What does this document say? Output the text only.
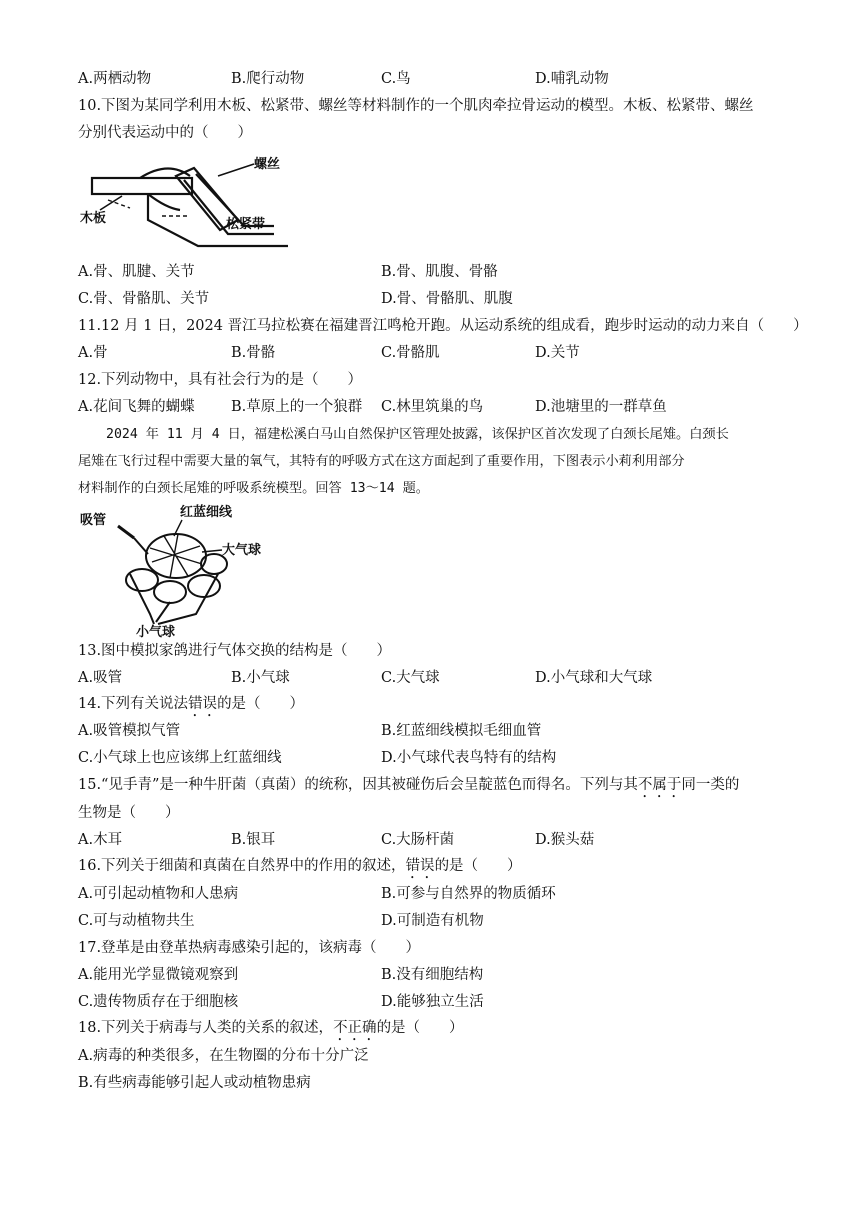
A.两栖动物	B.爬行动物	C.鸟	D.哺乳动物
10.下图为某同学利用木板、松紧带、螺丝等材料制作的一个肌肉牵拉骨运动的模型。木板、松紧带、螺丝
分别代表运动中的（　　）
螺丝
木板	松紧带
A.骨、肌腱、关节	B.骨、肌腹、骨骼
C.骨、骨骼肌、关节	D.骨、骨骼肌、肌腹
11.12 月 1 日，2024 晋江马拉松赛在福建晋江鸣枪开跑。从运动系统的组成看，跑步时运动的动力来自（　　）
A.骨	B.骨骼	C.骨骼肌	D.关节
12.下列动物中，具有社会行为的是（　　）
A.花间飞舞的蝴蝶	B.草原上的一个狼群 C.林里筑巢的鸟	D.池塘里的一群草鱼
2024 年 11 月 4 日，福建松溪白马山自然保护区管理处披露，该保护区首次发现了白颈长尾雉。白颈长
尾雉在飞行过程中需要大量的氧气，其特有的呼吸方式在这方面起到了重要作用，下图表示小莉利用部分
材料制作的白颈长尾雉的呼吸系统模型。回答 13～14 题。
吸管
红蓝细线
大气球
小气球
13.图中模拟家鸽进行气体交换的结构是（　　）
A.吸管	B.小气球	C.大气球	D.小气球和大气球
14.下列有关说法错误的是（　　）
A.吸管模拟气管	B.红蓝细线模拟毛细血管
C.小气球上也应该绑上红蓝细线	D.小气球代表鸟特有的结构
15.“见手青”是一种牛肝菌（真菌）的统称，因其被碰伤后会呈靛蓝色而得名。下列与其不属于同一类的
生物是（　　）
A.木耳	B.银耳	C.大肠杆菌	D.猴头菇
16.下列关于细菌和真菌在自然界中的作用的叙述，错误的是（　　）
A.可引起动植物和人患病	B.可参与自然界的物质循环
C.可与动植物共生	D.可制造有机物
17.登革是由登革热病毒感染引起的，该病毒（　　）
A.能用光学显微镜观察到	B.没有细胞结构
C.遗传物质存在于细胞核	D.能够独立生活
18.下列关于病毒与人类的关系的叙述，不正确的是（　　）
A.病毒的种类很多，在生物圈的分布十分广泛
B.有些病毒能够引起人或动植物患病
